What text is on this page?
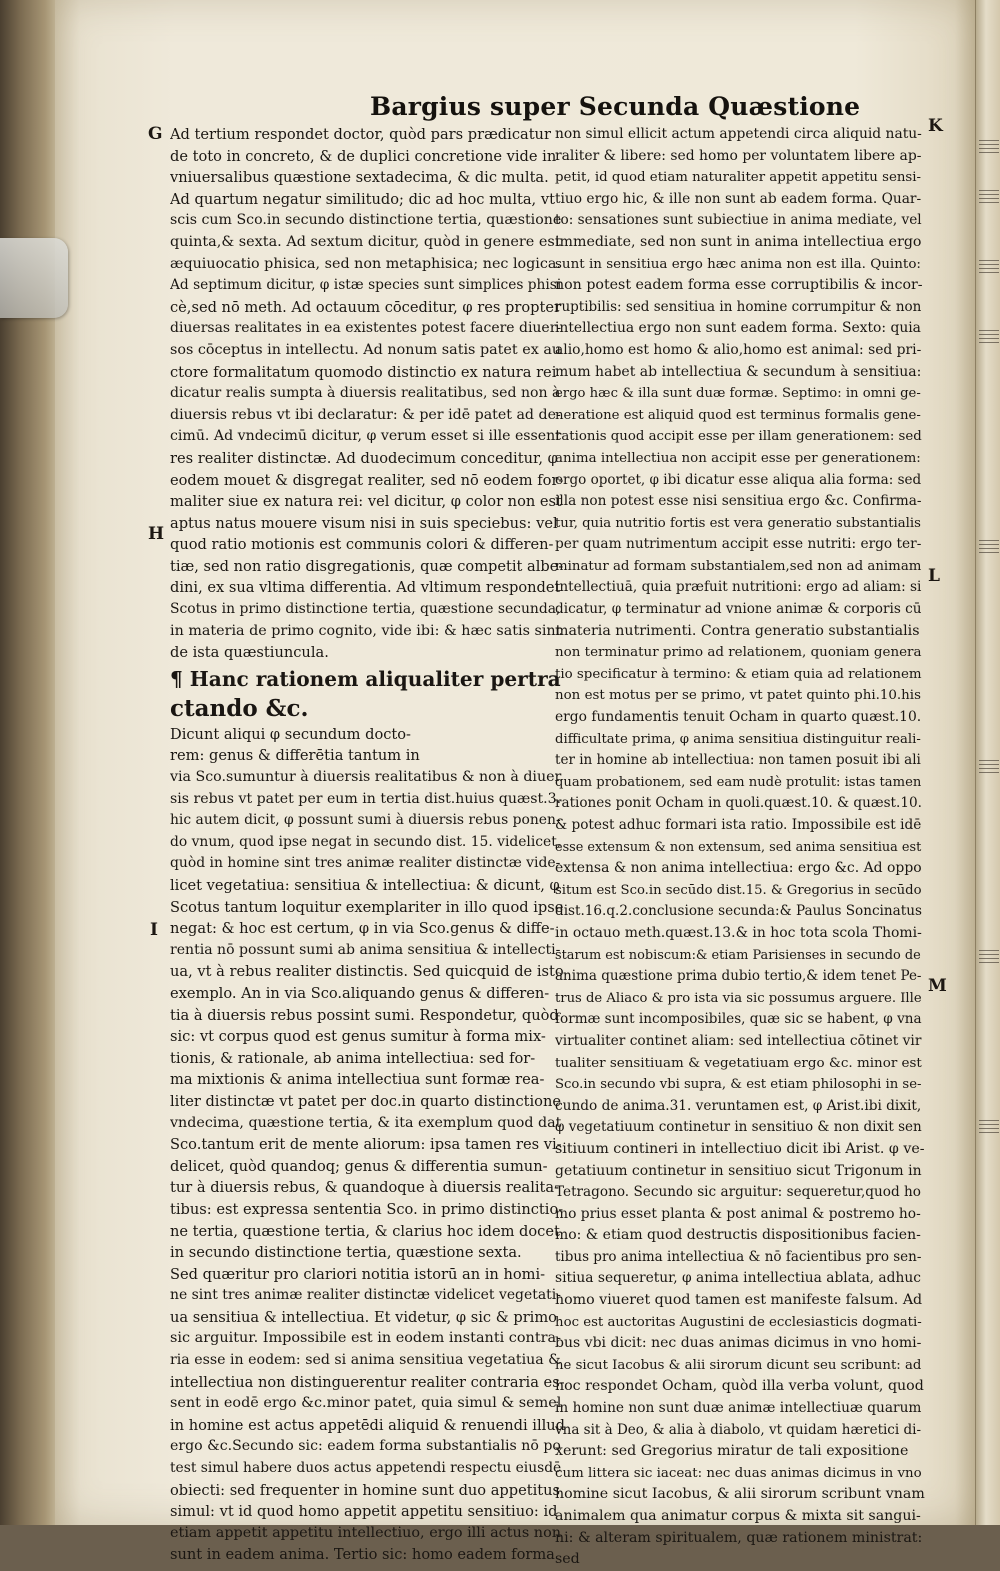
Bargius super Secunda Quæstione
G
H
I
K
L
M
Ad tertium respondet doctor, quòd pars prædicatur
de toto in concreto, & de duplici concretione vide in
vniuersalibus quæstione sextadecima, & dic multa.
Ad quartum negatur similitudo; dic ad hoc multa, vt
scis cum Sco.in secundo distinctione tertia, quæstione
quinta,& sexta. Ad sextum dicitur, quòd in genere est
æquiuocatio phisica, sed non metaphisica; nec logica.
Ad septimum dicitur, φ istæ species sunt simplices phisi
cè,sed nō meth. Ad octauum cōceditur, φ res propter
diuersas realitates in ea existentes potest facere diuer-
sos cōceptus in intellectu. Ad nonum satis patet ex au
ctore formalitatum quomodo distinctio ex natura rei
dicatur realis sumpta à diuersis realitatibus, sed non à
diuersis rebus vt ibi declaratur: & per idē patet ad de-
cimū. Ad vndecimū dicitur, φ verum esset si ille essent
res realiter distinctæ. Ad duodecimum conceditur, φ
eodem mouet & disgregat realiter, sed nō eodem for-
maliter siue ex natura rei: vel dicitur, φ color non est
aptus natus mouere visum nisi in suis speciebus: vel
quod ratio motionis est communis colori & differen-
tiæ, sed non ratio disgregationis, quæ competit albe-
dini, ex sua vltima differentia. Ad vltimum respondet
Scotus in primo distinctione tertia, quæstione secunda,
in materia de primo cognito, vide ibi: & hæc satis sint
de ista quæstiuncula.
¶ Hanc rationem aliqualiter pertra
ctando &c.
Dicunt aliqui φ secundum docto-
rem: genus & differētia tantum in
via Sco.sumuntur à diuersis realitatibus & non à diuer
sis rebus vt patet per eum in tertia dist.huius quæst.3.
hic autem dicit, φ possunt sumi à diuersis rebus ponen-
do vnum, quod ipse negat in secundo dist. 15. videlicet,
quòd in homine sint tres animæ realiter distinctæ vide-
licet vegetatiua: sensitiua & intellectiua: & dicunt, φ
Scotus tantum loquitur exemplariter in illo quod ipse
negat: & hoc est certum, φ in via Sco.genus & diffe-
rentia nō possunt sumi ab anima sensitiua & intellecti-
ua, vt à rebus realiter distinctis. Sed quicquid de isto
exemplo. An in via Sco.aliquando genus & differen-
tia à diuersis rebus possint sumi. Respondetur, quòd
sic: vt corpus quod est genus sumitur à forma mix-
tionis, & rationale, ab anima intellectiua: sed for-
ma mixtionis & anima intellectiua sunt formæ rea-
liter distinctæ vt patet per doc.in quarto distinctione
vndecima, quæstione tertia, & ita exemplum quod dat
Sco.tantum erit de mente aliorum: ipsa tamen res vi-
delicet, quòd quandoq; genus & differentia sumun-
tur à diuersis rebus, & quandoque à diuersis realita-
tibus: est expressa sententia Sco. in primo distinctio-
ne tertia, quæstione tertia, & clarius hoc idem docet
in secundo distinctione tertia, quæstione sexta.
Sed quæritur pro clariori notitia istorū an in homi-
ne sint tres animæ realiter distinctæ videlicet vegetati-
ua sensitiua & intellectiua. Et videtur, φ sic & primo
sic arguitur. Impossibile est in eodem instanti contra-
ria esse in eodem: sed si anima sensitiua vegetatiua &
intellectiua non distinguerentur realiter contraria es-
sent in eodē ergo &c.minor patet, quia simul & semel
in homine est actus appetēdi aliquid & renuendi illud
ergo &c.Secundo sic: eadem forma substantialis nō po
test simul habere duos actus appetendi respectu eiusdē
obiecti: sed frequenter in homine sunt duo appetitus
simul: vt id quod homo appetit appetitu sensitiuo: id
etiam appetit appetitu intellectiuo, ergo illi actus non
sunt in eadem anima. Tertio sic: homo eadem forma
non simul ellicit actum appetendi circa aliquid natu-
raliter & libere: sed homo per voluntatem libere ap-
petit, id quod etiam naturaliter appetit appetitu sensi-
tiuo ergo hic, & ille non sunt ab eadem forma. Quar-
to: sensationes sunt subiectiue in anima mediate, vel
immediate, sed non sunt in anima intellectiua ergo
sunt in sensitiua ergo hæc anima non est illa. Quinto:
non potest eadem forma esse corruptibilis & incor-
ruptibilis: sed sensitiua in homine corrumpitur & non
intellectiua ergo non sunt eadem forma. Sexto: quia
alio,homo est homo & alio,homo est animal: sed pri-
mum habet ab intellectiua & secundum à sensitiua:
ergo hæc & illa sunt duæ formæ. Septimo: in omni ge-
neratione est aliquid quod est terminus formalis gene-
rationis quod accipit esse per illam generationem: sed
anima intellectiua non accipit esse per generationem:
ergo oportet, φ ibi dicatur esse aliqua alia forma: sed
illa non potest esse nisi sensitiua ergo &c. Confirma-
tur, quia nutritio fortis est vera generatio substantialis
per quam nutrimentum accipit esse nutriti: ergo ter-
minatur ad formam substantialem,sed non ad animam
intellectiuā, quia præfuit nutritioni: ergo ad aliam: si
dicatur, φ terminatur ad vnione animæ & corporis cū
materia nutrimenti. Contra generatio substantialis
non terminatur primo ad relationem, quoniam genera
tio specificatur à termino: & etiam quia ad relationem
non est motus per se primo, vt patet quinto phi.10.his
ergo fundamentis tenuit Ocham in quarto quæst.10.
difficultate prima, φ anima sensitiua distinguitur reali-
ter in homine ab intellectiua: non tamen posuit ibi ali
quam probationem, sed eam nudè protulit: istas tamen
rationes ponit Ocham in quoli.quæst.10. & quæst.10.
& potest adhuc formari ista ratio. Impossibile est idē
esse extensum & non extensum, sed anima sensitiua est
extensa & non anima intellectiua: ergo &c. Ad oppo
situm est Sco.in secūdo dist.15. & Gregorius in secūdo
dist.16.q.2.conclusione secunda:& Paulus Soncinatus
in octauo meth.quæst.13.& in hoc tota scola Thomi-
starum est nobiscum:& etiam Parisienses in secundo de
anima quæstione prima dubio tertio,& idem tenet Pe-
trus de Aliaco & pro ista via sic possumus arguere. Ille
formæ sunt incomposibiles, quæ sic se habent, φ vna
virtualiter continet aliam: sed intellectiua cōtinet vir
tualiter sensitiuam & vegetatiuam ergo &c. minor est
Sco.in secundo vbi supra, & est etiam philosophi in se-
cundo de anima.31. veruntamen est, φ Arist.ibi dixit,
φ vegetatiuum continetur in sensitiuo & non dixit sen
sitiuum contineri in intellectiuo dicit ibi Arist. φ ve-
getatiuum continetur in sensitiuo sicut Trigonum in
Tetragono. Secundo sic arguitur: sequeretur,quod ho
mo prius esset planta & post animal & postremo ho-
mo: & etiam quod destructis dispositionibus facien-
tibus pro anima intellectiua & nō facientibus pro sen-
sitiua sequeretur, φ anima intellectiua ablata, adhuc
homo viueret quod tamen est manifeste falsum. Ad
hoc est auctoritas Augustini de ecclesiasticis dogmati-
bus vbi dicit: nec duas animas dicimus in vno homi-
ne sicut Iacobus & alii sirorum dicunt seu scribunt: ad
hoc respondet Ocham, quòd illa verba volunt, quod
in homine non sunt duæ animæ intellectiuæ quarum
vna sit à Deo, & alia à diabolo, vt quidam hæretici di-
xerunt: sed Gregorius miratur de tali expositione
cum littera sic iaceat: nec duas animas dicimus in vno
homine sicut Iacobus, & alii sirorum scribunt vnam
animalem qua animatur corpus & mixta sit sangui-
ni: & alteram spiritualem, quæ rationem ministrat:
sed
